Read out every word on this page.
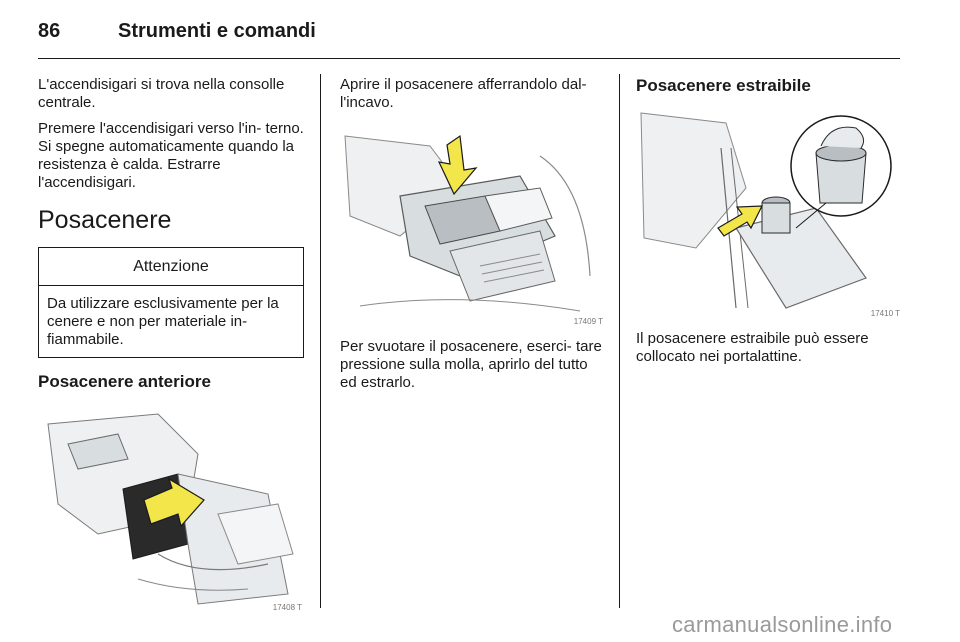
86	Strumenti e comandi

L'accendisigari si trova nella consolle centrale.

Premere l'accendisigari verso l'in- terno. Si spegne automaticamente quando la resistenza è calda. Estrarre l'accendisigari.

Posacenere
Attenzione
Da utilizzare esclusivamente per la cenere e non per materiale in- fiammabile.
Posacenere anteriore
17408 T

Aprire il posacenere afferrandolo dal- l'incavo.

17409 T

Per svuotare il posacenere, eserci- tare pressione sulla molla, aprirlo del tutto ed estrarlo.

Posacenere estraibile
17410 T

Il posacenere estraibile può essere collocato nei portalattine.

carmanualsonline.info
